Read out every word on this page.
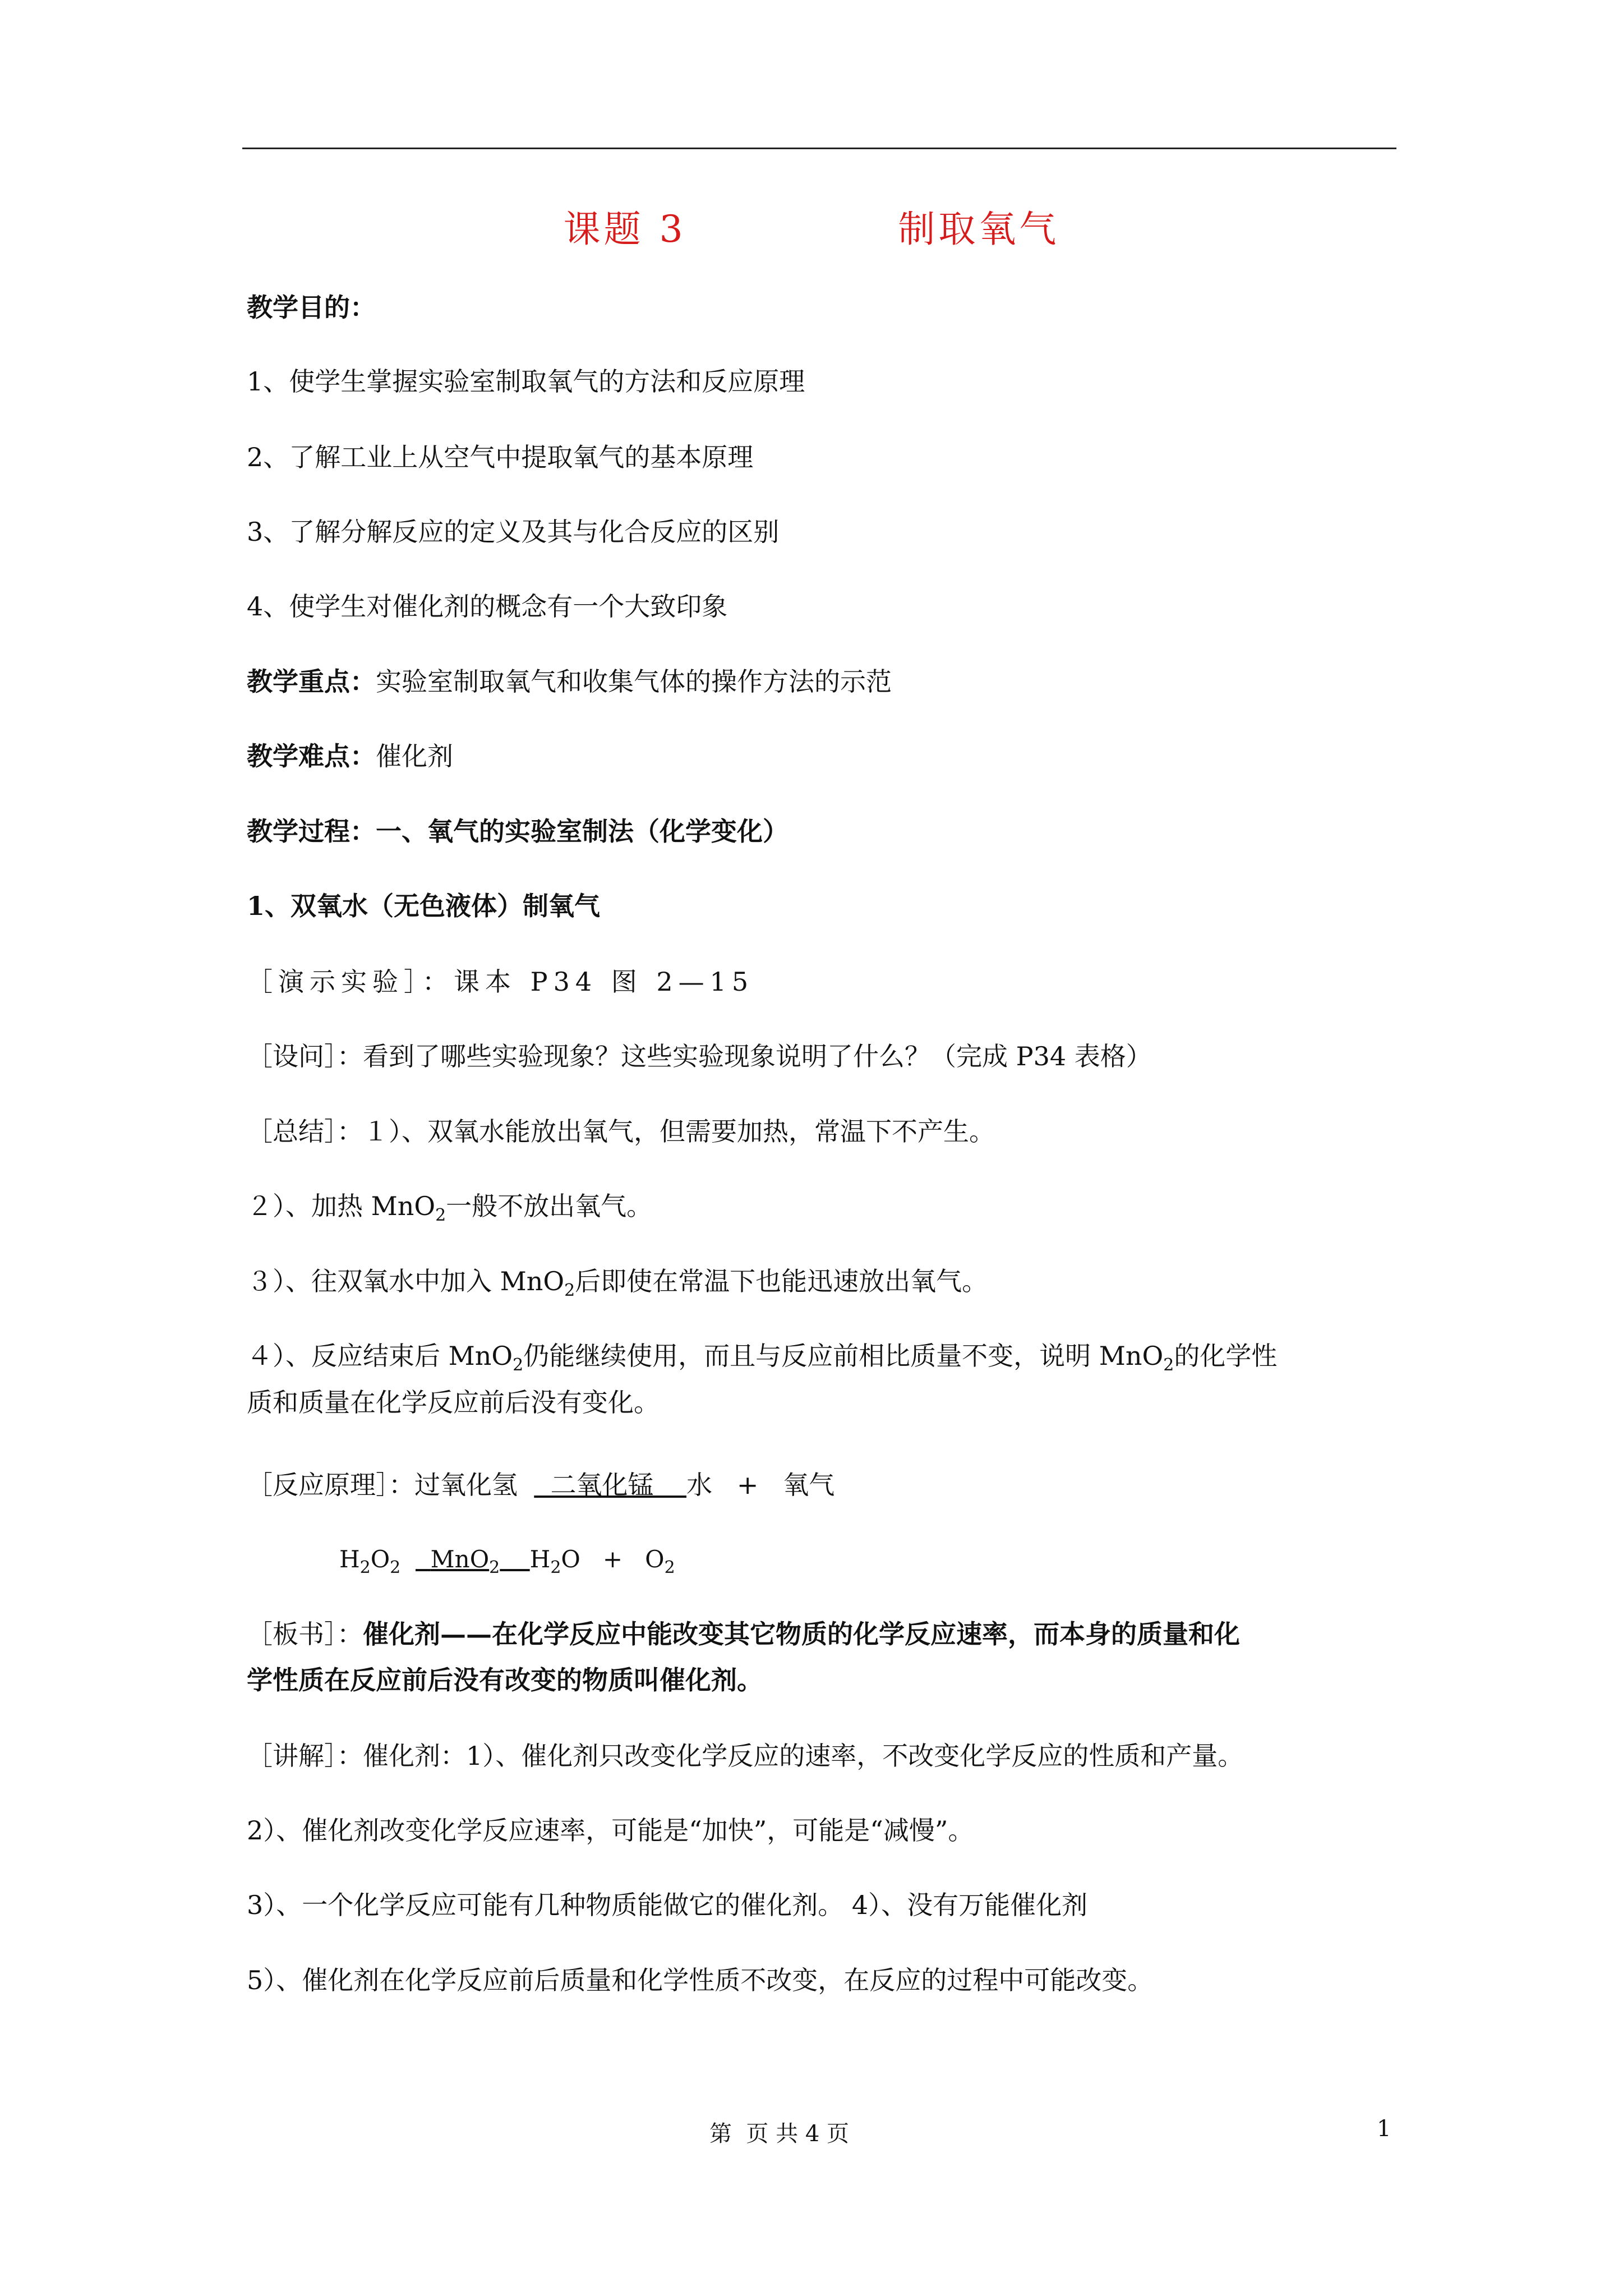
课题 3	制取氧气
教学目的：
1、使学生掌握实验室制取氧气的方法和反应原理
2、了解工业上从空气中提取氧气的基本原理
3、了解分解反应的定义及其与化合反应的区别
4、使学生对催化剂的概念有一个大致印象
教学重点：实验室制取氧气和收集气体的操作方法的示范
教学难点：催化剂
教学过程：一、氧气的实验室制法（化学变化）
1、双氧水（无色液体）制氧气
［演示实验］：课本 P34 图 2—15
［设问］：看到了哪些实验现象？这些实验现象说明了什么？（完成 P34 表格）
［总结］：１）、双氧水能放出氧气，但需要加热，常温下不产生。
２）、加热 MnO$_2$一般不放出氧气。
３）、往双氧水中加入 MnO$_2$后即使在常温下也能迅速放出氧气。
４）、反应结束后 MnO$_2$仍能继续使用，而且与反应前相比质量不变，说明 MnO$_2$的化学性
质和质量在化学反应前后没有变化。
［反应原理］：过氧化氢 二氧化锰 水 + 氧气
$H_2O_2$ MnO$_2$ $H_2O + O_2$
［板书］：催化剂——在化学反应中能改变其它物质的化学反应速率，而本身的质量和化
学性质在反应前后没有改变的物质叫催化剂。
［讲解］：催化剂：1）、催化剂只改变化学反应的速率，不改变化学反应的性质和产量。
2）、催化剂改变化学反应速率，可能是“加快”，可能是“减慢”。
3）、一个化学反应可能有几种物质能做它的催化剂。 4）、没有万能催化剂
5）、催化剂在化学反应前后质量和化学性质不改变，在反应的过程中可能改变。
第  页 共 4 页	1
